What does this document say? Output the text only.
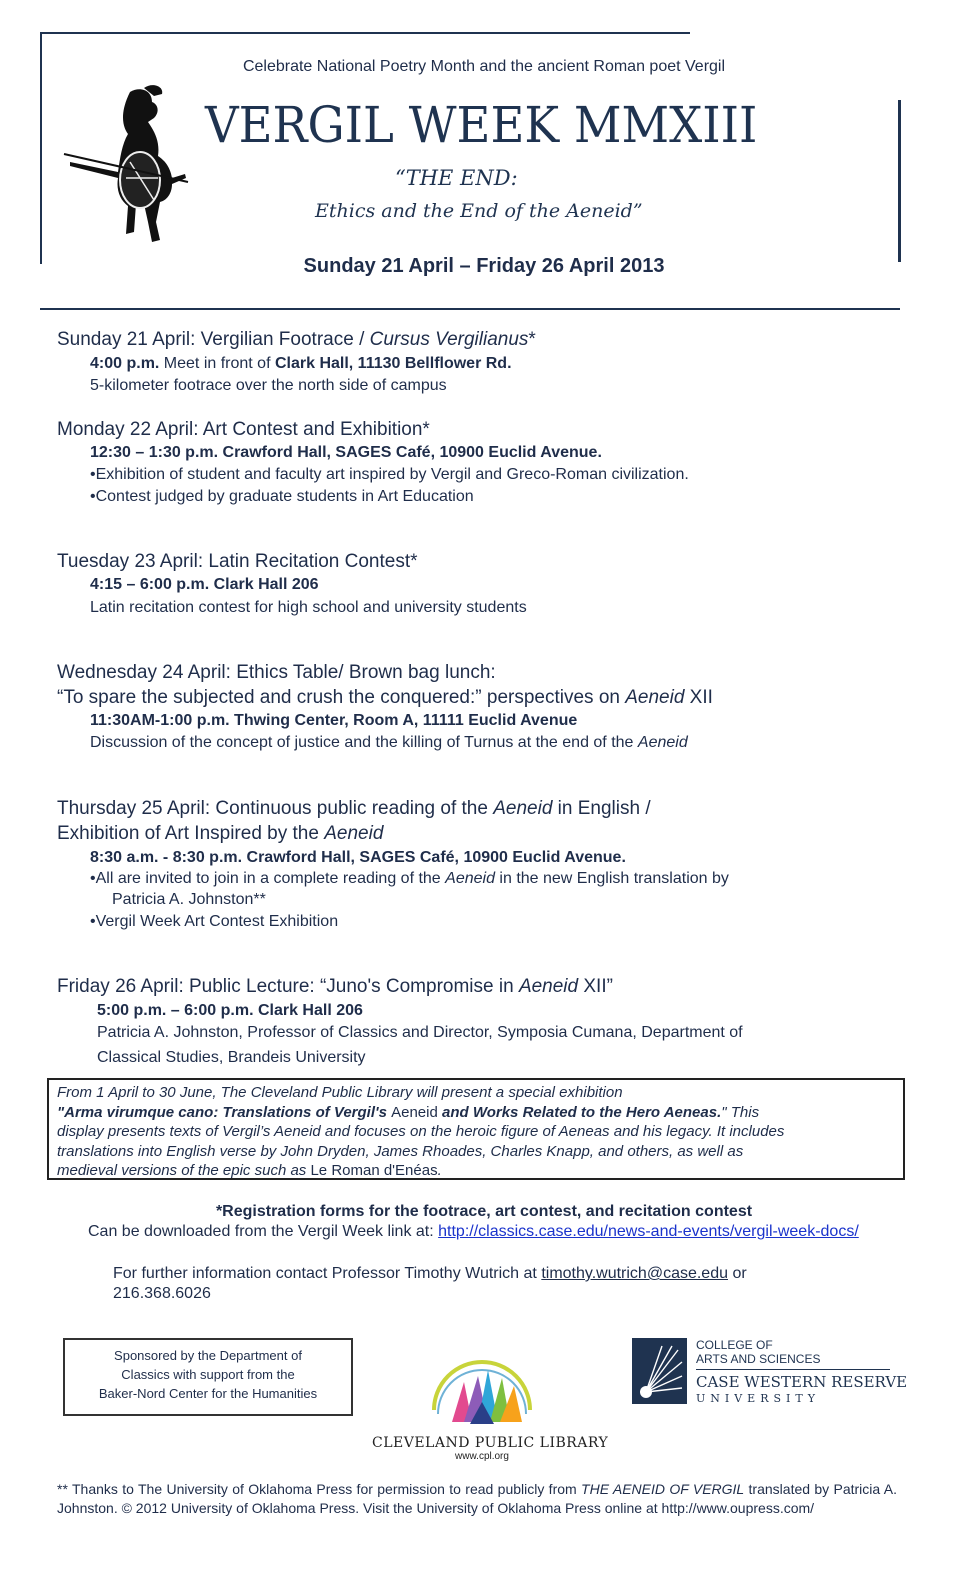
Celebrate National Poetry Month and the ancient Roman poet Vergil
VERGIL WEEK MMXIII
“THE END:
Ethics and the End of the Aeneid”
Sunday 21 April – Friday 26 April 2013
Sunday 21 April: Vergilian Footrace / Cursus Vergilianus*
4:00 p.m. Meet in front of Clark Hall, 11130 Bellflower Rd.
5-kilometer footrace over the north side of campus
Monday 22 April: Art Contest and Exhibition*
12:30 – 1:30 p.m. Crawford Hall, SAGES Café, 10900 Euclid Avenue.
•Exhibition of student and faculty art inspired by Vergil and Greco-Roman civilization.
•Contest judged by graduate students in Art Education
Tuesday 23 April: Latin Recitation Contest*
4:15 – 6:00 p.m. Clark Hall 206
Latin recitation contest for high school and university students
Wednesday 24 April: Ethics Table/ Brown bag lunch:
“To spare the subjected and crush the conquered:” perspectives on Aeneid XII
11:30AM-1:00 p.m. Thwing Center, Room A, 11111 Euclid Avenue
Discussion of the concept of justice and the killing of Turnus at the end of the Aeneid
Thursday 25 April: Continuous public reading of the Aeneid in English /
Exhibition of Art Inspired by the Aeneid
8:30 a.m. - 8:30 p.m. Crawford Hall, SAGES Café, 10900 Euclid Avenue.
•All are invited to join in a complete reading of the Aeneid in the new English translation by
Patricia A. Johnston**
•Vergil Week Art Contest Exhibition
Friday 26 April: Public Lecture: “Juno's Compromise in Aeneid XII”
5:00 p.m. – 6:00 p.m. Clark Hall 206
Patricia A. Johnston, Professor of Classics and Director, Symposia Cumana, Department of
Classical Studies, Brandeis University
From 1 April to 30 June, The Cleveland Public Library will present a special exhibition
"Arma virumque cano: Translations of Vergil's Aeneid and Works Related to the Hero Aeneas." This
display presents texts of Vergil’s Aeneid and focuses on the heroic figure of Aeneas and his legacy. It includes
translations into English verse by John Dryden, James Rhoades, Charles Knapp, and others, as well as
medieval versions of the epic such as Le Roman d'Enéas.
*Registration forms for the footrace, art contest, and recitation contest
Can be downloaded from the Vergil Week link at: http://classics.case.edu/news-and-events/vergil-week-docs/
For further information contact Professor Timothy Wutrich at timothy.wutrich@case.edu or
216.368.6026
Sponsored by the Department of
Classics with support from the
Baker-Nord Center for the Humanities
CLEVELAND PUBLIC LIBRARY
www.cpl.org
COLLEGE OF
ARTS AND SCIENCES
CASE WESTERN RESERVE
UNIVERSITY
** Thanks to The University of Oklahoma Press for permission to read publicly from THE AENEID OF VERGIL translated by Patricia A. Johnston. © 2012 University of Oklahoma Press. Visit the University of Oklahoma Press online at http://www.oupress.com/
